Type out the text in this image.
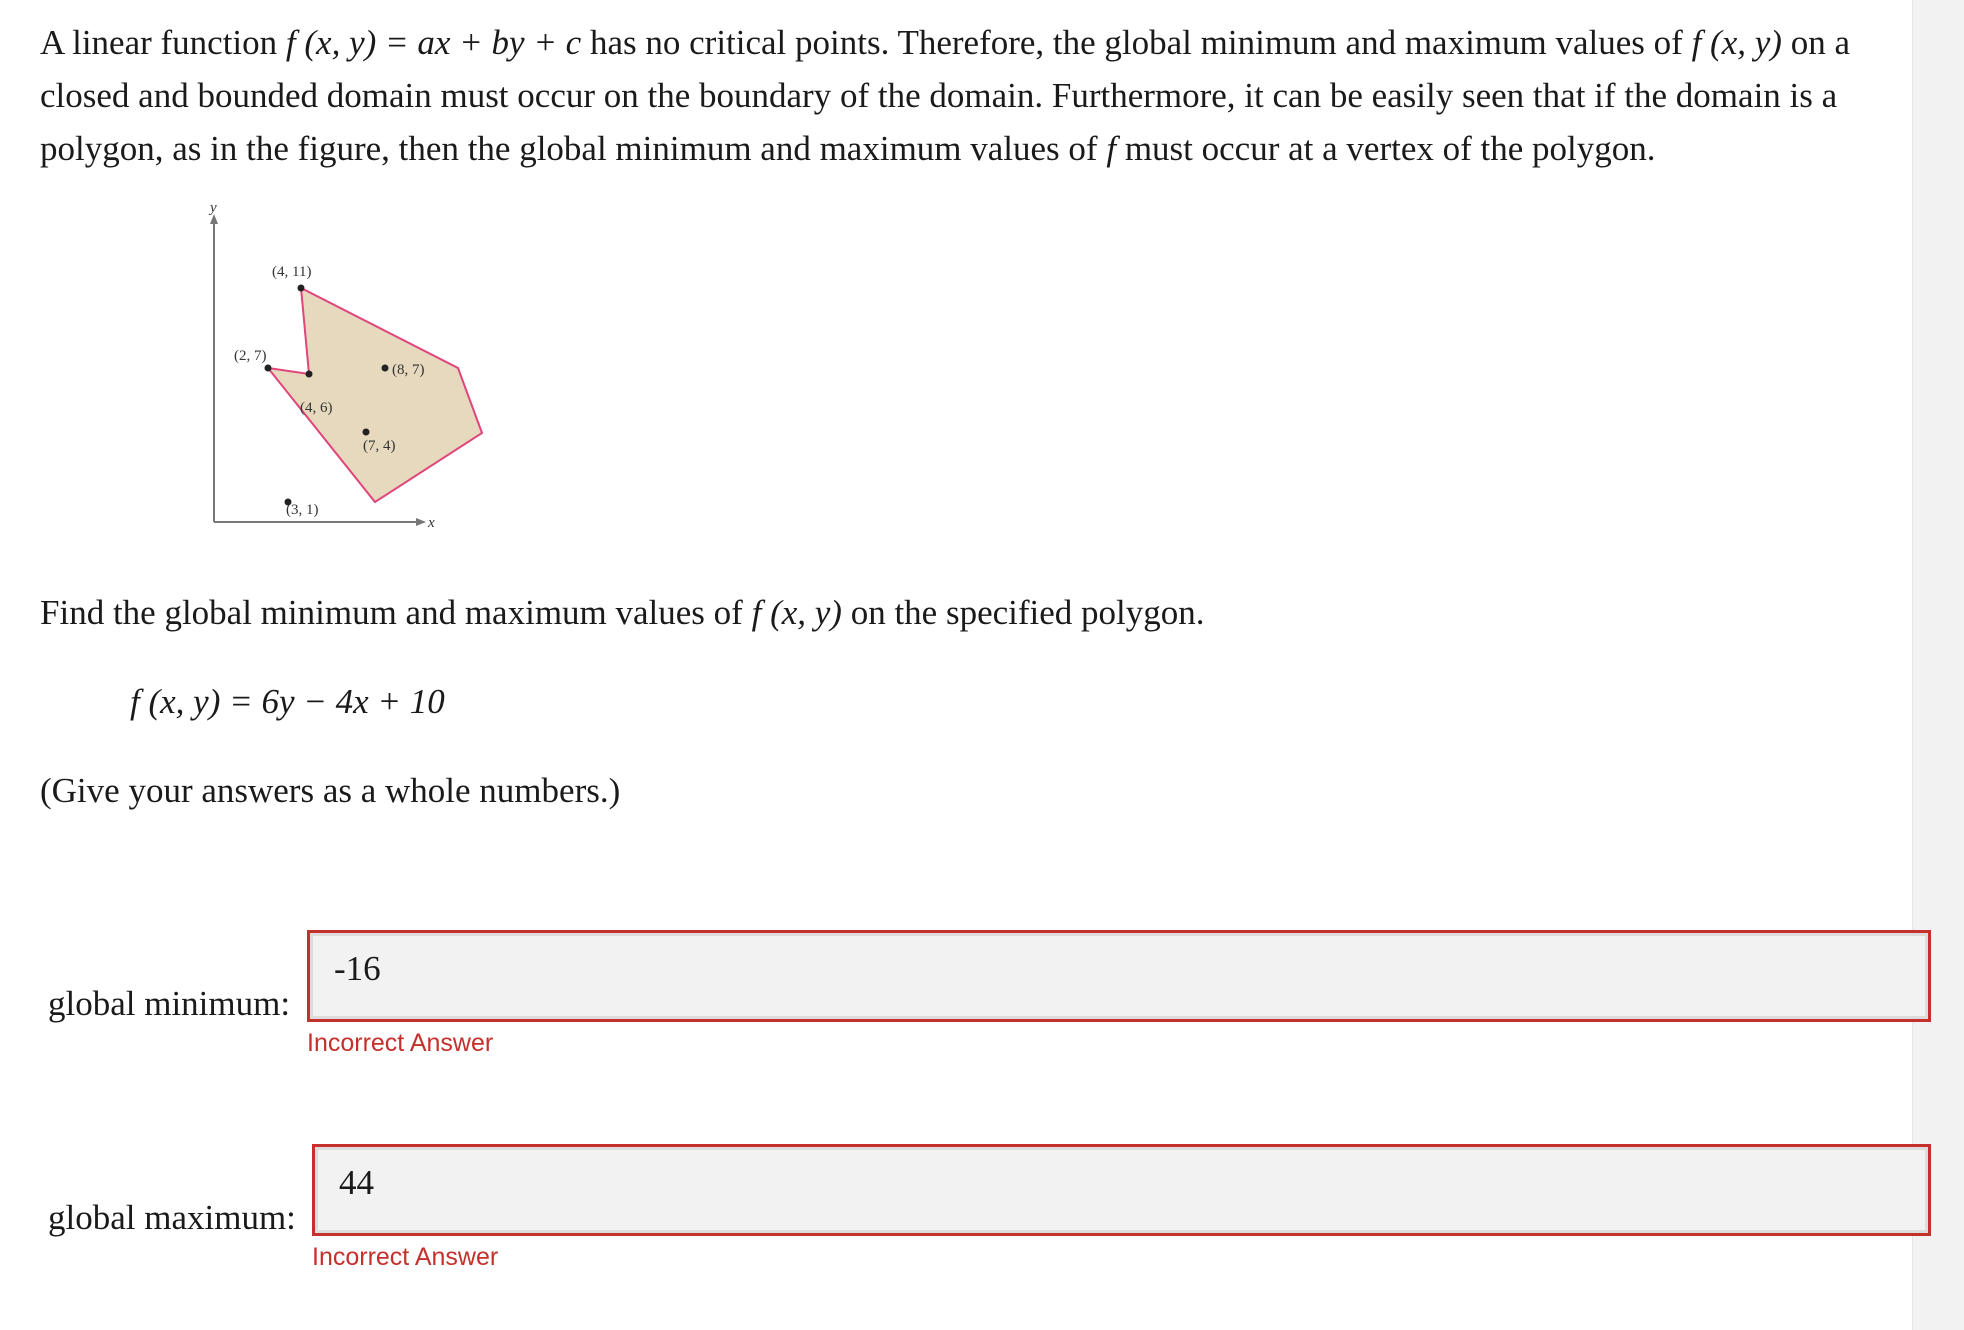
A linear function f (x, y) = ax + by + c has no critical points. Therefore, the global minimum and maximum values of f (x, y) on a closed and bounded domain must occur on the boundary of the domain. Furthermore, it can be easily seen that if the domain is a polygon, as in the figure, then the global minimum and maximum values of f must occur at a vertex of the polygon.

y
x
(4, 11)
(2, 7)
(8, 7)
(4, 6)
(7, 4)
(3, 1)

Find the global minimum and maximum values of f (x, y) on the specified polygon.

f (x, y) = 6y − 4x + 10

(Give your answers as a whole numbers.)

global minimum:

-16

Incorrect Answer

global maximum:

44

Incorrect Answer
